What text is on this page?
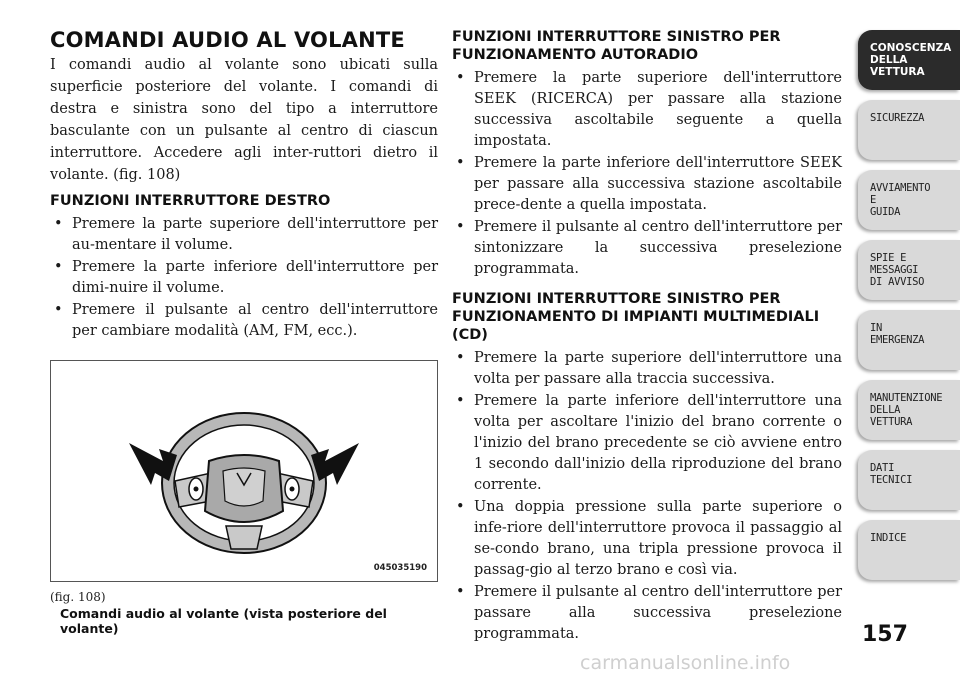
COMANDI AUDIO AL VOLANTE

I comandi audio al volante sono ubicati sulla superficie posteriore del volante. I comandi di destra e sinistra sono del tipo a interruttore basculante con un pulsante al centro di ciascun interruttore. Accedere agli inter-ruttori dietro il volante. (fig. 108)

FUNZIONI INTERRUTTORE DESTRO
• Premere la parte superiore dell'interruttore per au-mentare il volume.
• Premere la parte inferiore dell'interruttore per dimi-nuire il volume.
• Premere il pulsante al centro dell'interruttore per cambiare modalità (AM, FM, ecc.).
045035190
(fig. 108)
Comandi audio al volante (vista posteriore del volante)
FUNZIONI INTERRUTTORE SINISTRO PER FUNZIONAMENTO AUTORADIO
• Premere la parte superiore dell'interruttore SEEK (RICERCA) per passare alla stazione successiva ascoltabile seguente a quella impostata.
• Premere la parte inferiore dell'interruttore SEEK per passare alla successiva stazione ascoltabile prece-dente a quella impostata.
• Premere il pulsante al centro dell'interruttore per sintonizzare la successiva preselezione programmata.
FUNZIONI INTERRUTTORE SINISTRO PER FUNZIONAMENTO DI IMPIANTI MULTIMEDIALI (CD)
• Premere la parte superiore dell'interruttore una volta per passare alla traccia successiva.
• Premere la parte inferiore dell'interruttore una volta per ascoltare l'inizio del brano corrente o l'inizio del brano precedente se ciò avviene entro 1 secondo dall'inizio della riproduzione del brano corrente.
• Una doppia pressione sulla parte superiore o infe-riore dell'interruttore provoca il passaggio al se-condo brano, una tripla pressione provoca il passag-gio al terzo brano e così via.
• Premere il pulsante al centro dell'interruttore per passare alla successiva preselezione programmata.
CONOSCENZA
DELLA
VETTURA
SICUREZZA
AVVIAMENTO
E
GUIDA
SPIE E
MESSAGGI
DI AVVISO
IN
EMERGENZA
MANUTENZIONE
DELLA
VETTURA
DATI
TECNICI
INDICE
157
carmanualsonline.info
